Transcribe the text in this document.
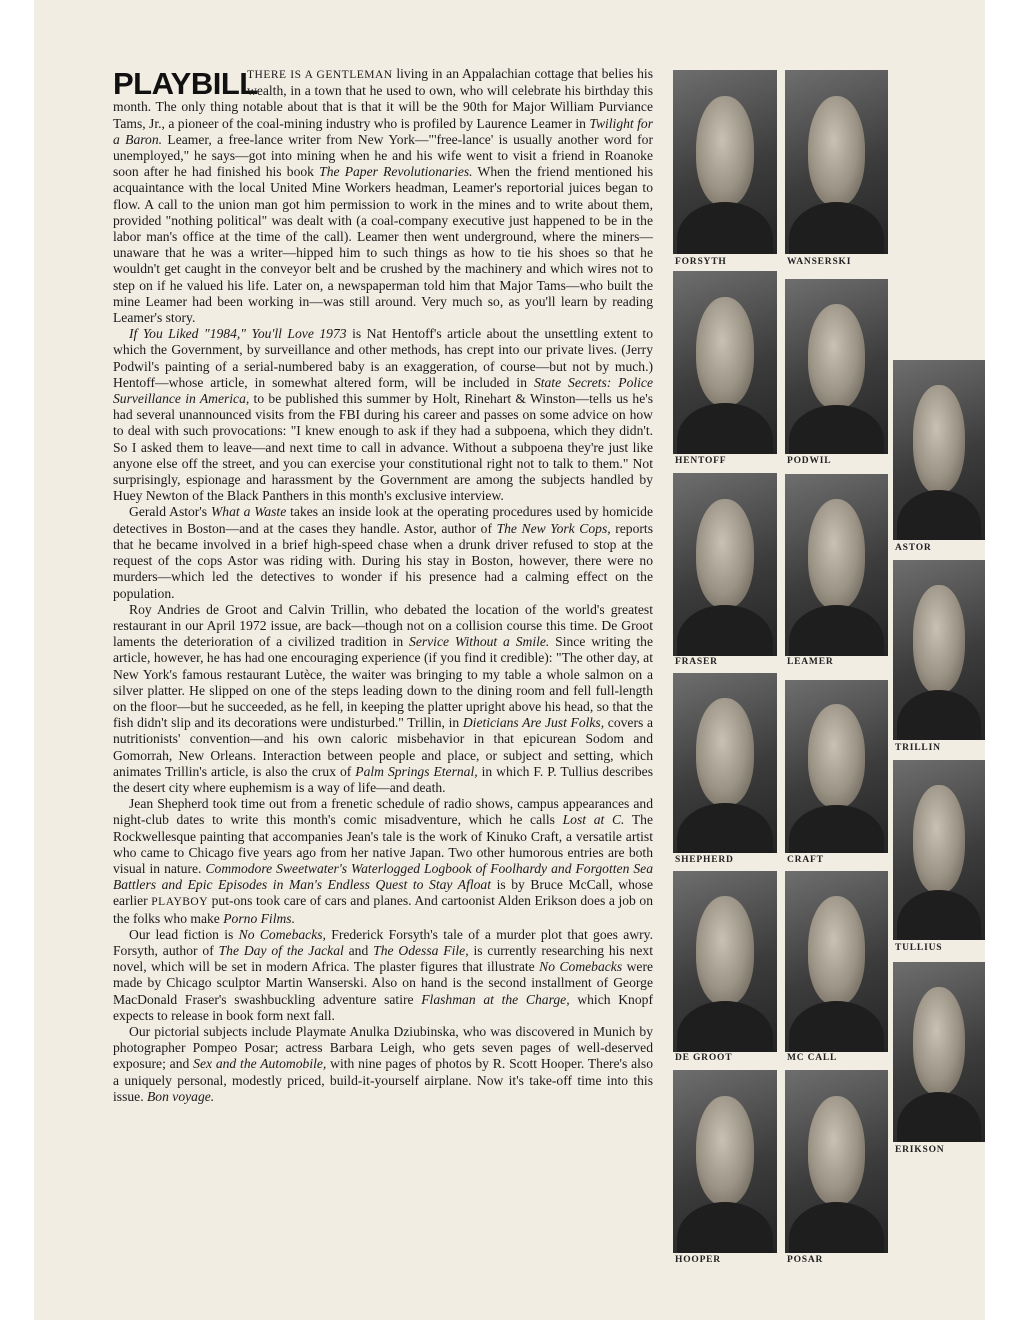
PLAYBILL

THERE IS A GENTLEMAN living in an Appalachian cottage that belies his wealth, in a town that he used to own, who will celebrate his birthday this month. The only thing notable about that is that it will be the 90th for Major William Purviance Tams, Jr., a pioneer of the coal-mining industry who is profiled by Laurence Leamer in Twilight for a Baron. Leamer, a free-lance writer from New York—"'free-lance' is usually another word for unemployed," he says—got into mining when he and his wife went to visit a friend in Roanoke soon after he had finished his book The Paper Revolutionaries. When the friend mentioned his acquaintance with the local United Mine Workers headman, Leamer's reportorial juices began to flow. A call to the union man got him permission to work in the mines and to write about them, provided "nothing political" was dealt with (a coal-company executive just happened to be in the labor man's office at the time of the call). Leamer then went underground, where the miners—unaware that he was a writer—hipped him to such things as how to tie his shoes so that he wouldn't get caught in the conveyor belt and be crushed by the machinery and which wires not to step on if he valued his life. Later on, a newspaperman told him that Major Tams—who built the mine Leamer had been working in—was still around. Very much so, as you'll learn by reading Leamer's story.

If You Liked "1984," You'll Love 1973 is Nat Hentoff's article about the unsettling extent to which the Government, by surveillance and other methods, has crept into our private lives. (Jerry Podwil's painting of a serial-numbered baby is an exaggeration, of course—but not by much.) Hentoff—whose article, in somewhat altered form, will be included in State Secrets: Police Surveillance in America, to be published this summer by Holt, Rinehart & Winston—tells us he's had several unannounced visits from the FBI during his career and passes on some advice on how to deal with such provocations: "I knew enough to ask if they had a subpoena, which they didn't. So I asked them to leave—and next time to call in advance. Without a subpoena they're just like anyone else off the street, and you can exercise your constitutional right not to talk to them." Not surprisingly, espionage and harassment by the Government are among the subjects handled by Huey Newton of the Black Panthers in this month's exclusive interview.

Gerald Astor's What a Waste takes an inside look at the operating procedures used by homicide detectives in Boston—and at the cases they handle. Astor, author of The New York Cops, reports that he became involved in a brief high-speed chase when a drunk driver refused to stop at the request of the cops Astor was riding with. During his stay in Boston, however, there were no murders—which led the detectives to wonder if his presence had a calming effect on the population.

Roy Andries de Groot and Calvin Trillin, who debated the location of the world's greatest restaurant in our April 1972 issue, are back—though not on a collision course this time. De Groot laments the deterioration of a civilized tradition in Service Without a Smile. Since writing the article, however, he has had one encouraging experience (if you find it credible): "The other day, at New York's famous restaurant Lutèce, the waiter was bringing to my table a whole salmon on a silver platter. He slipped on one of the steps leading down to the dining room and fell full-length on the floor—but he succeeded, as he fell, in keeping the platter upright above his head, so that the fish didn't slip and its decorations were undisturbed." Trillin, in Dieticians Are Just Folks, covers a nutritionists' convention—and his own caloric misbehavior in that epicurean Sodom and Gomorrah, New Orleans. Interaction between people and place, or subject and setting, which animates Trillin's article, is also the crux of Palm Springs Eternal, in which F. P. Tullius describes the desert city where euphemism is a way of life—and death.

Jean Shepherd took time out from a frenetic schedule of radio shows, campus appearances and night-club dates to write this month's comic misadventure, which he calls Lost at C. The Rockwellesque painting that accompanies Jean's tale is the work of Kinuko Craft, a versatile artist who came to Chicago five years ago from her native Japan. Two other humorous entries are both visual in nature. Commodore Sweetwater's Waterlogged Logbook of Foolhardy and Forgotten Sea Battlers and Epic Episodes in Man's Endless Quest to Stay Afloat is by Bruce McCall, whose earlier PLAYBOY put-ons took care of cars and planes. And cartoonist Alden Erikson does a job on the folks who make Porno Films.

Our lead fiction is No Comebacks, Frederick Forsyth's tale of a murder plot that goes awry. Forsyth, author of The Day of the Jackal and The Odessa File, is currently researching his next novel, which will be set in modern Africa. The plaster figures that illustrate No Comebacks were made by Chicago sculptor Martin Wanserski. Also on hand is the second installment of George MacDonald Fraser's swashbuckling adventure satire Flashman at the Charge, which Knopf expects to release in book form next fall.

Our pictorial subjects include Playmate Anulka Dziubinska, who was discovered in Munich by photographer Pompeo Posar; actress Barbara Leigh, who gets seven pages of well-deserved exposure; and Sex and the Automobile, with nine pages of photos by R. Scott Hooper. There's also a uniquely personal, modestly priced, build-it-yourself airplane. Now it's take-off time into this issue. Bon voyage.

FORSYTH
HENTOFF
FRASER
SHEPHERD
DE GROOT
HOOPER
WANSERSKI
PODWIL
LEAMER
CRAFT
MC CALL
POSAR
ASTOR
TRILLIN
TULLIUS
ERIKSON
